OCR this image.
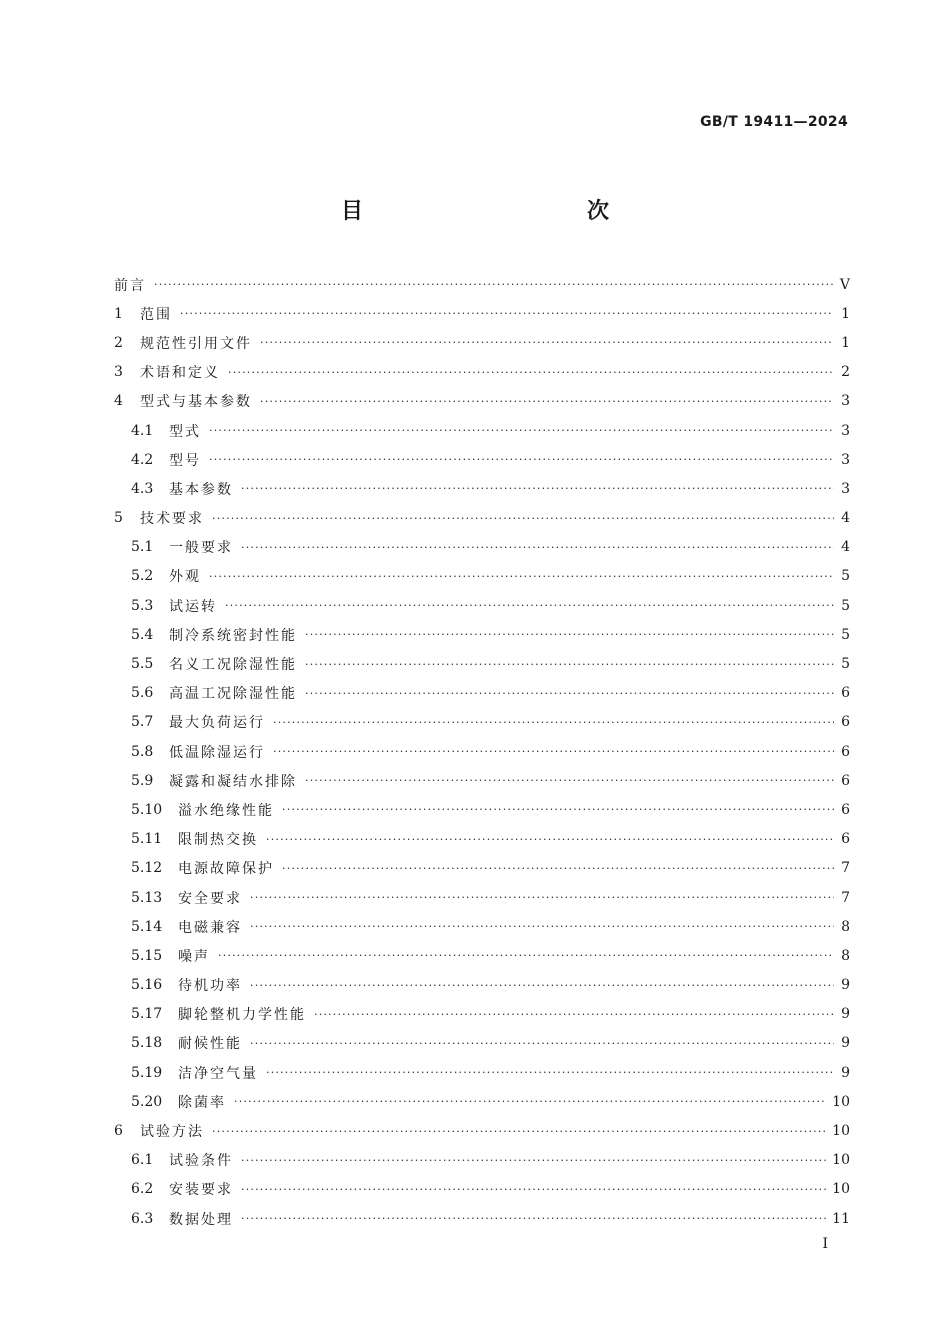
GB/T 19411—2024
目　　次
前言 ·····	V
1	范围 ·····	1
2	规范性引用文件 ·····	1
3	术语和定义 ·····	2
4	型式与基本参数 ·····	3
4.1	型式 ·····	3
4.2	型号 ·····	3
4.3	基本参数 ·····	3
5	技术要求 ·····	4
5.1	一般要求 ·····	4
5.2	外观 ·····	5
5.3	试运转 ·····	5
5.4	制冷系统密封性能 ·····	5
5.5	名义工况除湿性能 ·····	5
5.6	高温工况除湿性能 ·····	6
5.7	最大负荷运行 ·····	6
5.8	低温除湿运行 ·····	6
5.9	凝露和凝结水排除 ·····	6
5.10	溢水绝缘性能 ·····	6
5.11	限制热交换 ·····	6
5.12	电源故障保护 ·····	7
5.13	安全要求 ·····	7
5.14	电磁兼容 ·····	8
5.15	噪声 ·····	8
5.16	待机功率 ·····	9
5.17	脚轮整机力学性能 ·····	9
5.18	耐候性能 ·····	9
5.19	洁净空气量 ·····	9
5.20	除菌率 ·····	10
6	试验方法 ·····	10
6.1	试验条件 ·····	10
6.2	安装要求 ·····	10
6.3	数据处理 ·····	11
I
